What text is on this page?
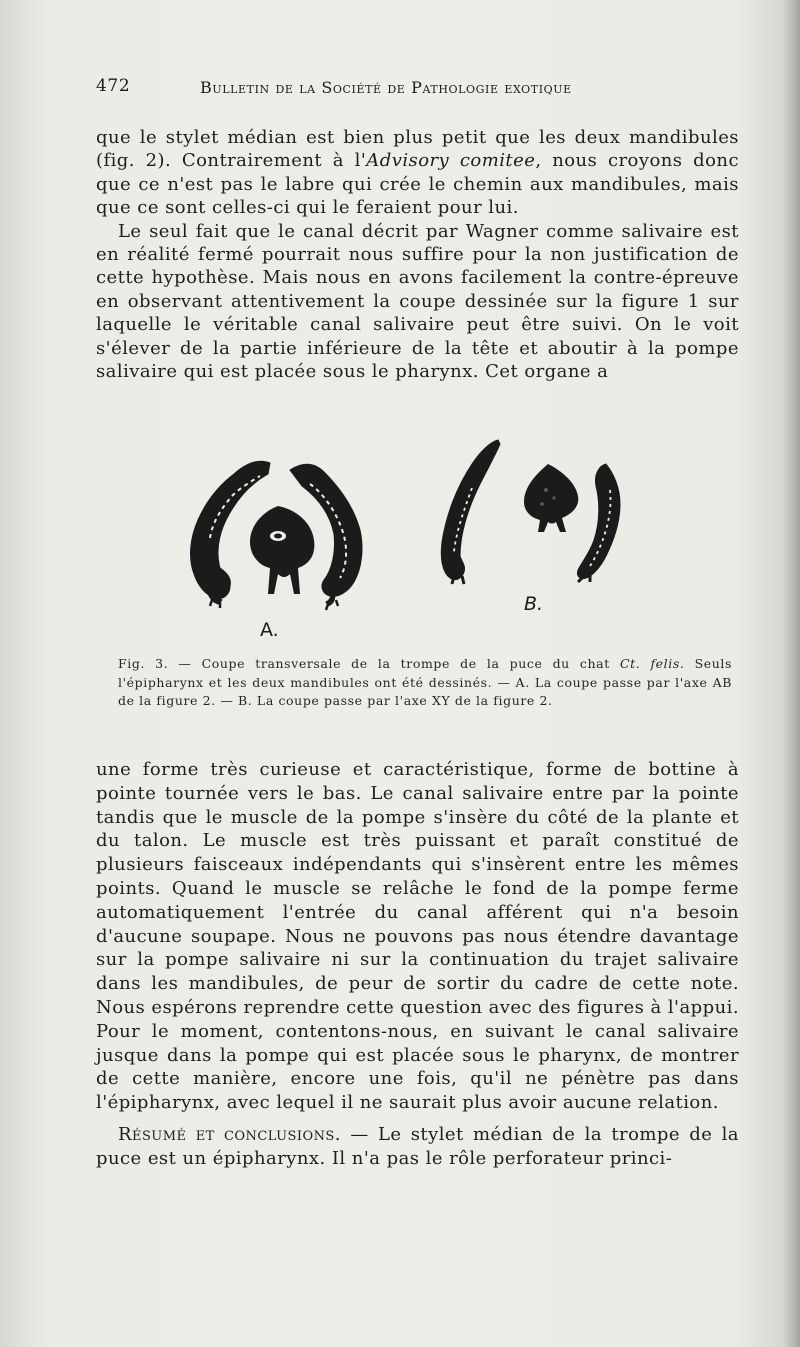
472	Bulletin de la Société de Pathologie exotique

que le stylet médian est bien plus petit que les deux mandibules (fig. 2). Contrairement à l'Advisory comitee, nous croyons donc que ce n'est pas le labre qui crée le chemin aux mandibules, mais que ce sont celles-ci qui le feraient pour lui.

Le seul fait que le canal décrit par Wagner comme salivaire est en réalité fermé pourrait nous suffire pour la non justification de cette hypothèse. Mais nous en avons facilement la contre-épreuve en observant attentivement la coupe dessinée sur la figure 1 sur laquelle le véritable canal salivaire peut être suivi. On le voit s'élever de la partie inférieure de la tête et aboutir à la pompe salivaire qui est placée sous le pharynx. Cet organe a

A.
B.

Fig. 3. — Coupe transversale de la trompe de la puce du chat Ct. felis. Seuls l'épipharynx et les deux mandibules ont été dessinés. — A. La coupe passe par l'axe AB de la figure 2. — B. La coupe passe par l'axe XY de la figure 2.

une forme très curieuse et caractéristique, forme de bottine à pointe tournée vers le bas. Le canal salivaire entre par la pointe tandis que le muscle de la pompe s'insère du côté de la plante et du talon. Le muscle est très puissant et paraît constitué de plusieurs faisceaux indépendants qui s'insèrent entre les mêmes points. Quand le muscle se relâche le fond de la pompe ferme automatiquement l'entrée du canal afférent qui n'a besoin d'aucune soupape. Nous ne pouvons pas nous étendre davantage sur la pompe salivaire ni sur la continuation du trajet salivaire dans les mandibules, de peur de sortir du cadre de cette note. Nous espérons reprendre cette question avec des figures à l'appui. Pour le moment, contentons-nous, en suivant le canal salivaire jusque dans la pompe qui est placée sous le pharynx, de montrer de cette manière, encore une fois, qu'il ne pénètre pas dans l'épipharynx, avec lequel il ne saurait plus avoir aucune relation.

Résumé et conclusions. — Le stylet médian de la trompe de la puce est un épipharynx. Il n'a pas le rôle perforateur princi-
